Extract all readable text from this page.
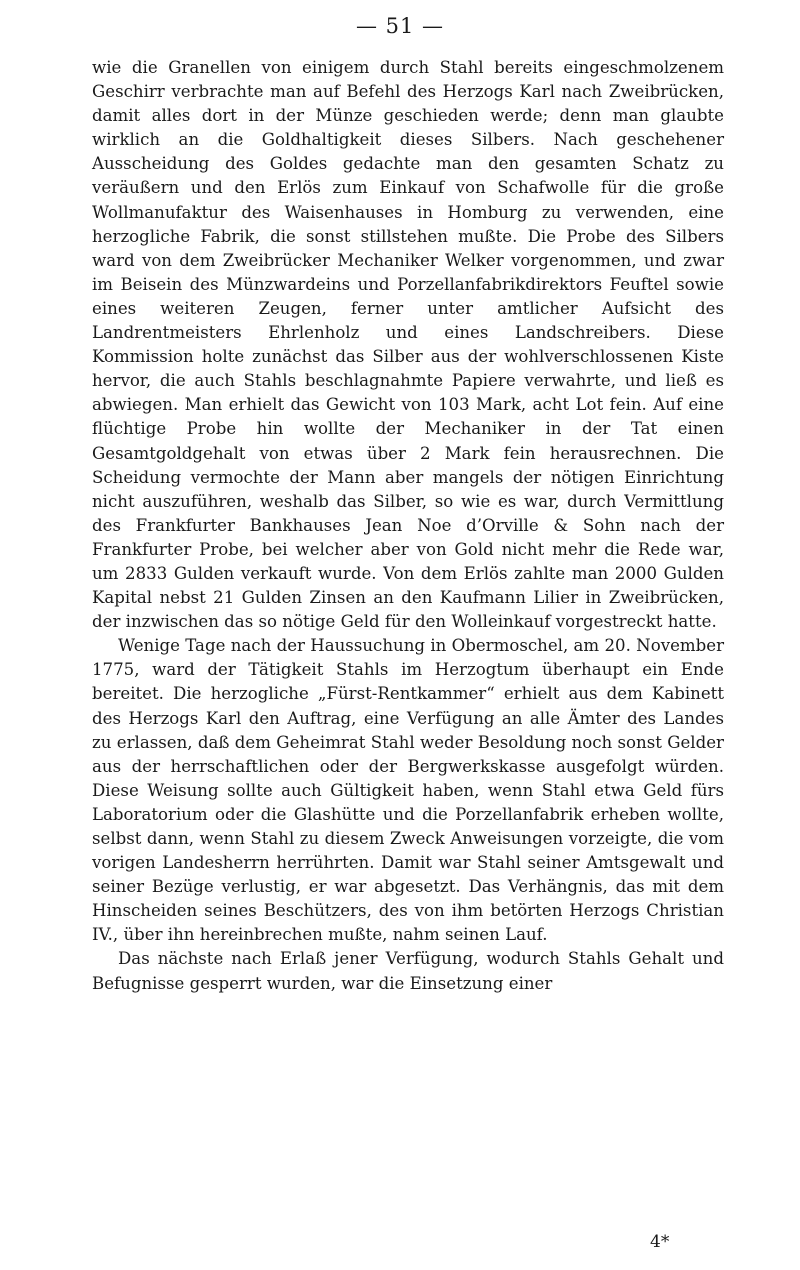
— 51 —

wie die Granellen von einigem durch Stahl bereits eingeschmolzenem Geschirr verbrachte man auf Befehl des Herzogs Karl nach Zweibrücken, damit alles dort in der Münze geschieden werde; denn man glaubte wirklich an die Goldhaltigkeit dieses Silbers. Nach geschehener Ausscheidung des Goldes gedachte man den gesamten Schatz zu veräußern und den Erlös zum Einkauf von Schafwolle für die große Wollmanufaktur des Waisenhauses in Homburg zu verwenden, eine herzogliche Fabrik, die sonst stillstehen mußte. Die Probe des Silbers ward von dem Zweibrücker Mechaniker Welker vorgenommen, und zwar im Beisein des Münzwardeins und Porzellanfabrikdirektors Feuftel sowie eines weiteren Zeugen, ferner unter amtlicher Aufsicht des Landrentmeisters Ehrlenholz und eines Landschreibers. Diese Kommission holte zunächst das Silber aus der wohlverschlossenen Kiste hervor, die auch Stahls beschlagnahmte Papiere verwahrte, und ließ es abwiegen. Man erhielt das Gewicht von 103 Mark, acht Lot fein. Auf eine flüchtige Probe hin wollte der Mechaniker in der Tat einen Gesamtgoldgehalt von etwas über 2 Mark fein herausrechnen. Die Scheidung vermochte der Mann aber mangels der nötigen Einrichtung nicht auszuführen, weshalb das Silber, so wie es war, durch Vermittlung des Frankfurter Bankhauses Jean Noe d’Orville & Sohn nach der Frankfurter Probe, bei welcher aber von Gold nicht mehr die Rede war, um 2833 Gulden verkauft wurde. Von dem Erlös zahlte man 2000 Gulden Kapital nebst 21 Gulden Zinsen an den Kaufmann Lilier in Zweibrücken, der inzwischen das so nötige Geld für den Wolleinkauf vorgestreckt hatte.

Wenige Tage nach der Haussuchung in Obermoschel, am 20. November 1775, ward der Tätigkeit Stahls im Herzogtum überhaupt ein Ende bereitet. Die herzogliche „Fürst-Rentkammer“ erhielt aus dem Kabinett des Herzogs Karl den Auftrag, eine Verfügung an alle Ämter des Landes zu erlassen, daß dem Geheimrat Stahl weder Besoldung noch sonst Gelder aus der herrschaftlichen oder der Bergwerkskasse ausgefolgt würden. Diese Weisung sollte auch Gültigkeit haben, wenn Stahl etwa Geld fürs Laboratorium oder die Glashütte und die Porzellanfabrik erheben wollte, selbst dann, wenn Stahl zu diesem Zweck Anweisungen vorzeigte, die vom vorigen Landesherrn herrührten. Damit war Stahl seiner Amtsgewalt und seiner Bezüge verlustig, er war abgesetzt. Das Verhängnis, das mit dem Hinscheiden seines Beschützers, des von ihm betörten Herzogs Christian IV., über ihn hereinbrechen mußte, nahm seinen Lauf.

Das nächste nach Erlaß jener Verfügung, wodurch Stahls Gehalt und Befugnisse gesperrt wurden, war die Einsetzung einer

4*
